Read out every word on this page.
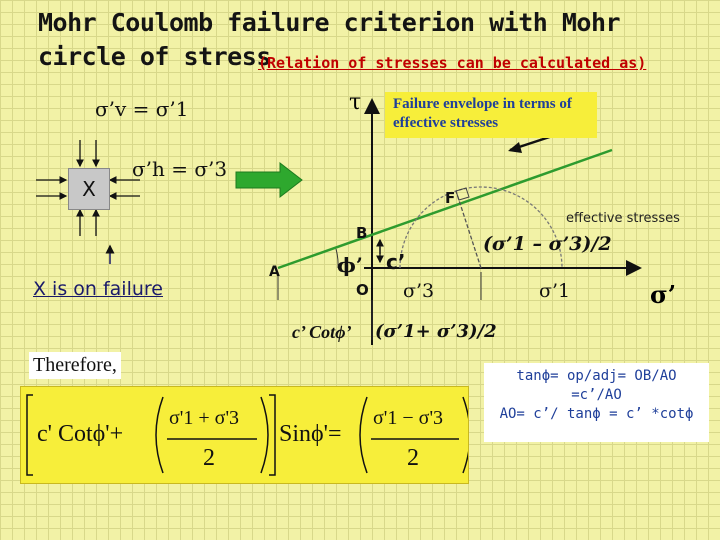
Mohr Coulomb failure criterion with Mohr
circle of stress
(Relation of stresses can be calculated as)
σ’v = σ’1
σ’h = σ’3
X
X is on failure
Failure envelope in terms of effective stresses
τ
σ’
effective stresses
F
B
A
O
ϕ’ c’
σ’3	σ’1
(σ’1 – σ’3)/2
c’ Cotϕ’ (σ’1+ σ’3)/2
Therefore,
c' Cotϕ'+
σ'1 + σ'3
2
Sinϕ'=
σ'1 − σ'3
2
tanϕ= op/adj= OB/AO
=c’/AO
AO= c’/ tanϕ = c’ *cotϕ
